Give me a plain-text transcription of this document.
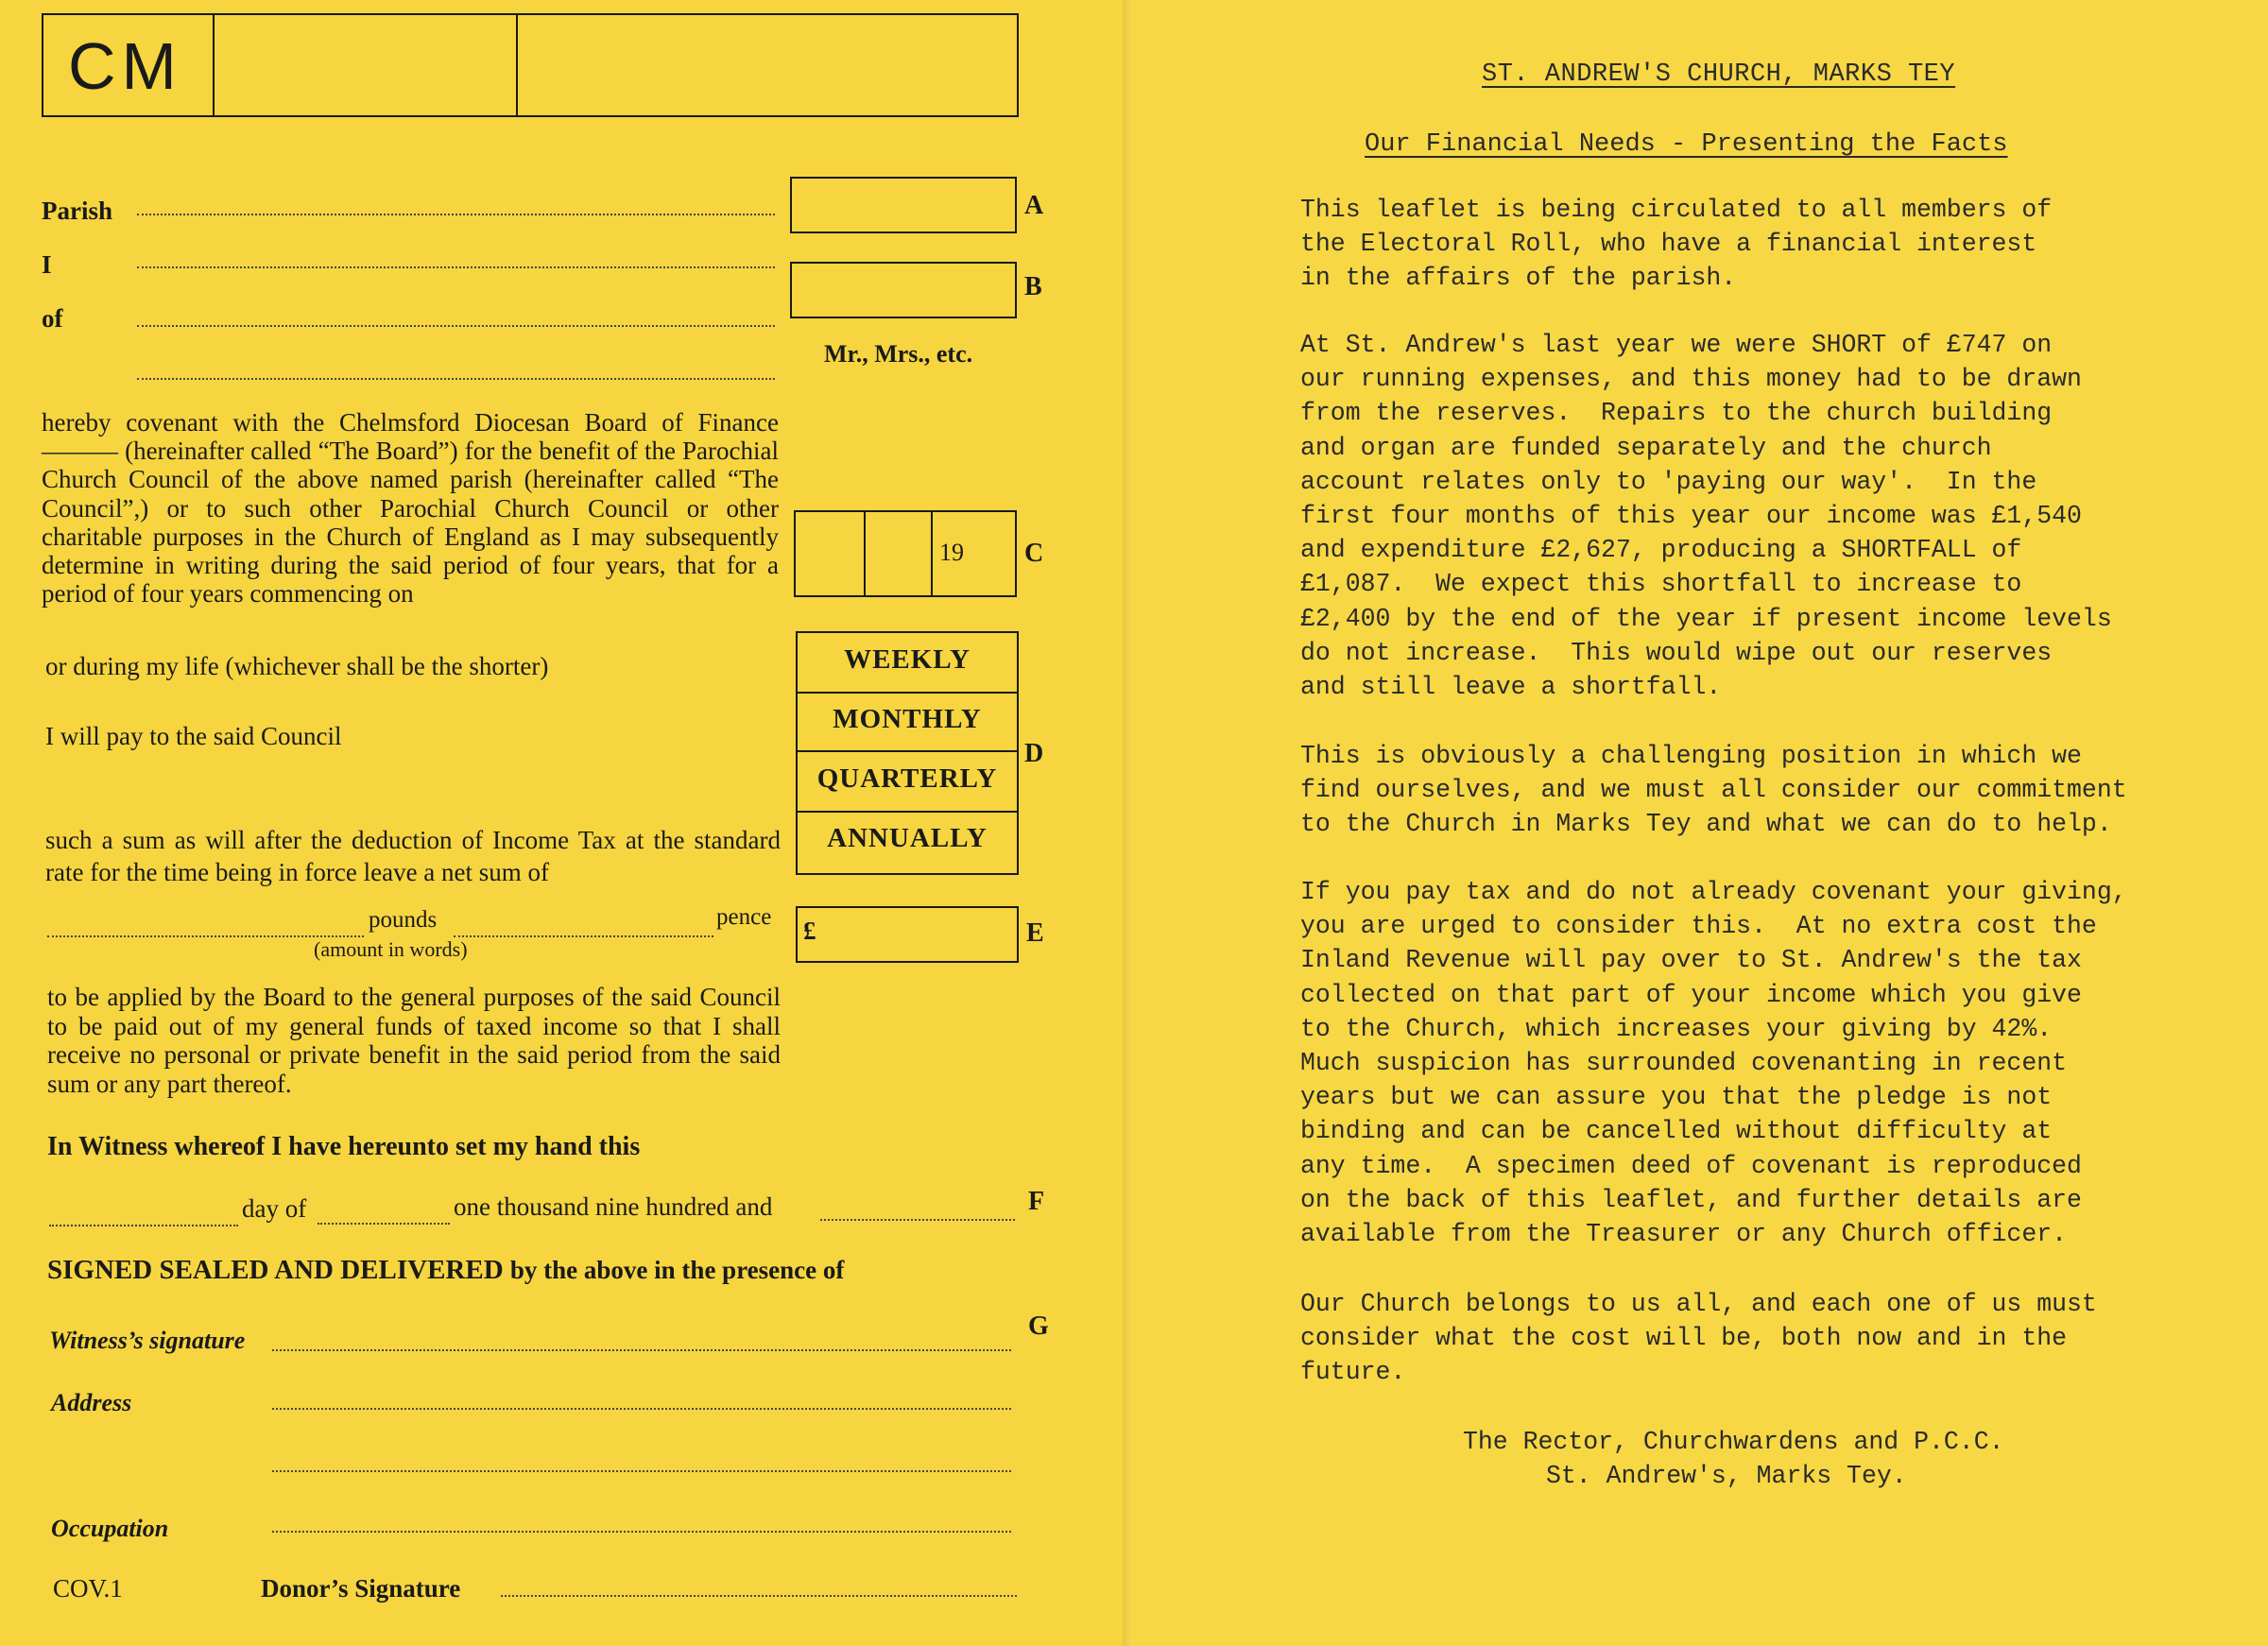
CM
Parish
I
of
A
B
Mr., Mrs., etc.
hereby covenant with the Chelmsford Diocesan Board of Finance ——— (hereinafter called “The Board”) for the benefit of the Parochial Church Council of the above named parish (hereinafter called “The Council”,) or to such other Parochial Church Council or other charitable purposes in the Church of England as I may subsequently determine in writing during the said period of four years, that for a period of four years commencing on
19 C
or during my life (whichever shall be the shorter)
I will pay to the said Council
WEEKLY
MONTHLY
QUARTERLY
ANNUALLY
D
such a sum as will after the deduction of Income Tax at the standard rate for the time being in force leave a net sum of
pounds	pence
(amount in words)
£	E
to be applied by the Board to the general purposes of the said Council to be paid out of my general funds of taxed income so that I shall receive no personal or private benefit in the said period from the said sum or any part thereof.
In Witness whereof I have hereunto set my hand this
day of	one thousand nine hundred and	F
SIGNED SEALED AND DELIVERED by the above in the presence of
Witness’s signature	G
Address
Occupation
COV.1	Donor’s Signature
ST. ANDREW'S CHURCH, MARKS TEY
Our Financial Needs - Presenting the Facts
This leaflet is being circulated to all members of
the Electoral Roll, who have a financial interest
in the affairs of the parish.
At St. Andrew's last year we were SHORT of £747 on
our running expenses, and this money had to be drawn
from the reserves.  Repairs to the church building
and organ are funded separately and the church
account relates only to 'paying our way'.  In the
first four months of this year our income was £1,540
and expenditure £2,627, producing a SHORTFALL of
£1,087.  We expect this shortfall to increase to
£2,400 by the end of the year if present income levels
do not increase.  This would wipe out our reserves
and still leave a shortfall.
This is obviously a challenging position in which we
find ourselves, and we must all consider our commitment
to the Church in Marks Tey and what we can do to help.
If you pay tax and do not already covenant your giving,
you are urged to consider this.  At no extra cost the
Inland Revenue will pay over to St. Andrew's the tax
collected on that part of your income which you give
to the Church, which increases your giving by 42%.
Much suspicion has surrounded covenanting in recent
years but we can assure you that the pledge is not
binding and can be cancelled without difficulty at
any time.  A specimen deed of covenant is reproduced
on the back of this leaflet, and further details are
available from the Treasurer or any Church officer.
Our Church belongs to us all, and each one of us must
consider what the cost will be, both now and in the
future.
The Rector, Churchwardens and P.C.C.
St. Andrew's, Marks Tey.
